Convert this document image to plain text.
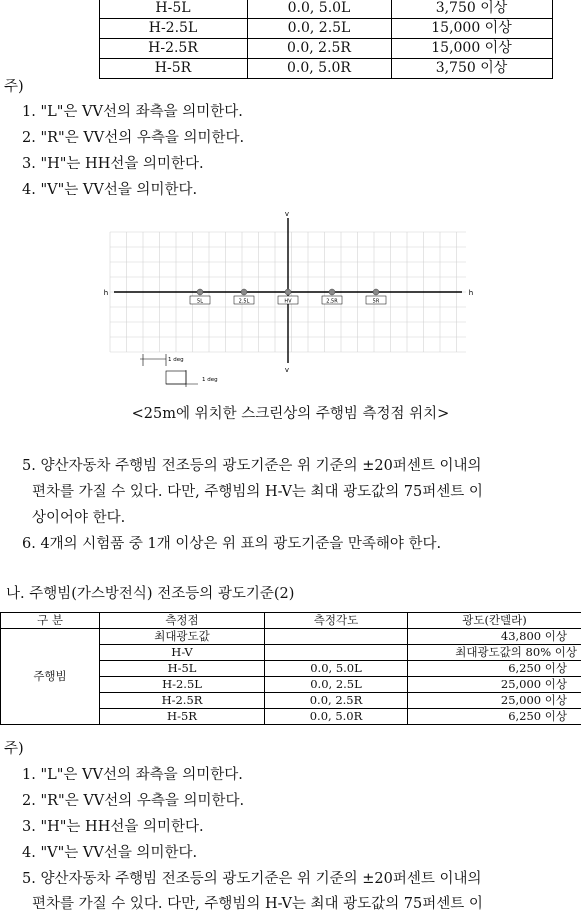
	H-5L	0.0, 5.0L	3,750 이상
	H-2.5L	0.0, 2.5L	15,000 이상
	H-2.5R	0.0, 2.5R	15,000 이상
	H-5R	0.0, 5.0R	3,750 이상
주)
1. "L"은 VV선의 좌측을 의미한다.
2. "R"은 VV선의 우측을 의미한다.
3. "H"는 HH선을 의미한다.
4. "V"는 VV선을 의미한다.
v
v
h	h
5L	2.5L	HV	2.5R	5R
1 deg
1 deg
<25m에 위치한 스크린상의 주행빔 측정점 위치>
5. 양산자동차 주행빔 전조등의 광도기준은 위 기준의 ±20퍼센트 이내의
편차를 가질 수 있다. 다만, 주행빔의 H-V는 최대 광도값의 75퍼센트 이
상이어야 한다.
6. 4개의 시험품 중 1개 이상은 위 표의 광도기준을 만족해야 한다.
나. 주행빔(가스방전식) 전조등의 광도기준(2)
구 분	측정점	측정각도	광도(칸델라)
주행빔	최대광도값		43,800 이상
	H-V		최대광도값의 80% 이상
	H-5L	0.0, 5.0L	6,250 이상
	H-2.5L	0.0, 2.5L	25,000 이상
	H-2.5R	0.0, 2.5R	25,000 이상
	H-5R	0.0, 5.0R	6,250 이상
주)
1. "L"은 VV선의 좌측을 의미한다.
2. "R"은 VV선의 우측을 의미한다.
3. "H"는 HH선을 의미한다.
4. "V"는 VV선을 의미한다.
5. 양산자동차 주행빔 전조등의 광도기준은 위 기준의 ±20퍼센트 이내의
편차를 가질 수 있다. 다만, 주행빔의 H-V는 최대 광도값의 75퍼센트 이
